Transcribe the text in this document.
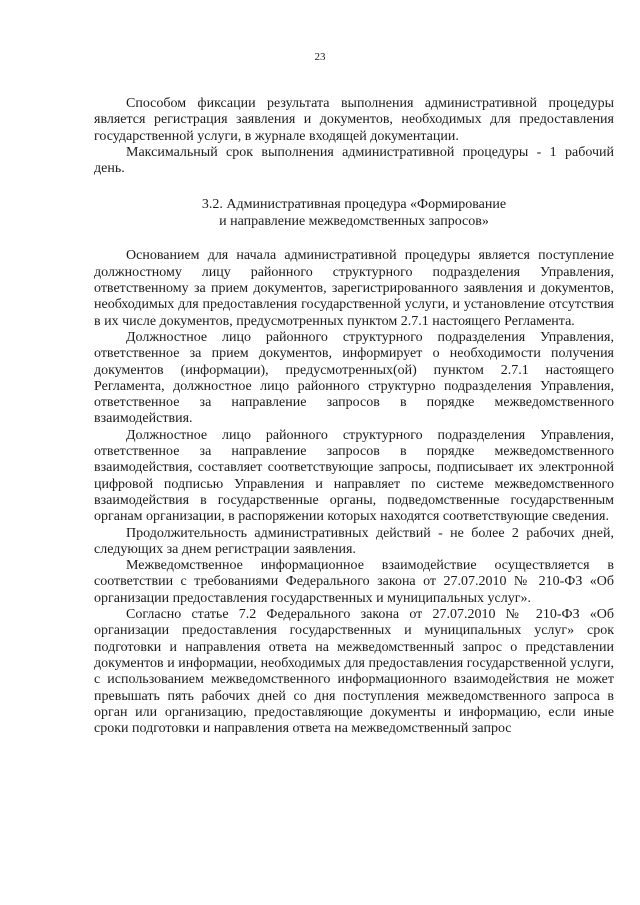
23

Способом фиксации результата выполнения административной процедуры является регистрация заявления и документов, необходимых для предоставления государственной услуги, в журнале входящей документации.

Максимальный срок выполнения административной процедуры - 1 рабочий день.

3.2. Административная процедура «Формирование
и направление межведомственных запросов»

Основанием для начала административной процедуры является поступление должностному лицу районного структурного подразделения Управления, ответственному за прием документов, зарегистрированного заявления и документов, необходимых для предоставления государственной услуги, и установление отсутствия в их числе документов, предусмотренных пунктом 2.7.1 настоящего Регламента.

Должностное лицо районного структурного подразделения Управления, ответственное за прием документов, информирует о необходимости получения документов (информации), предусмотренных(ой) пунктом 2.7.1 настоящего Регламента, должностное лицо районного структурно подразделения Управления, ответственное за направление запросов в порядке межведомственного взаимодействия.

Должностное лицо районного структурного подразделения Управления, ответственное за направление запросов в порядке межведомственного взаимодействия, составляет соответствующие запросы, подписывает их электронной цифровой подписью Управления и направляет по системе межведомственного взаимодействия в государственные органы, подведомственные государственным органам организации, в распоряжении которых находятся соответствующие сведения.

Продолжительность административных действий - не более 2 рабочих дней, следующих за днем регистрации заявления.

Межведомственное информационное взаимодействие осуществляется в соответствии с требованиями Федерального закона от 27.07.2010 № 210-ФЗ «Об организации предоставления государственных и муниципальных услуг».

Согласно статье 7.2 Федерального закона от 27.07.2010 № 210-ФЗ «Об организации предоставления государственных и муниципальных услуг» срок подготовки и направления ответа на межведомственный запрос о представлении документов и информации, необходимых для предоставления государственной услуги, с использованием межведомственного информационного взаимодействия не может превышать пять рабочих дней со дня поступления межведомственного запроса в орган или организацию, предоставляющие документы и информацию, если иные сроки подготовки и направления ответа на межведомственный запрос
